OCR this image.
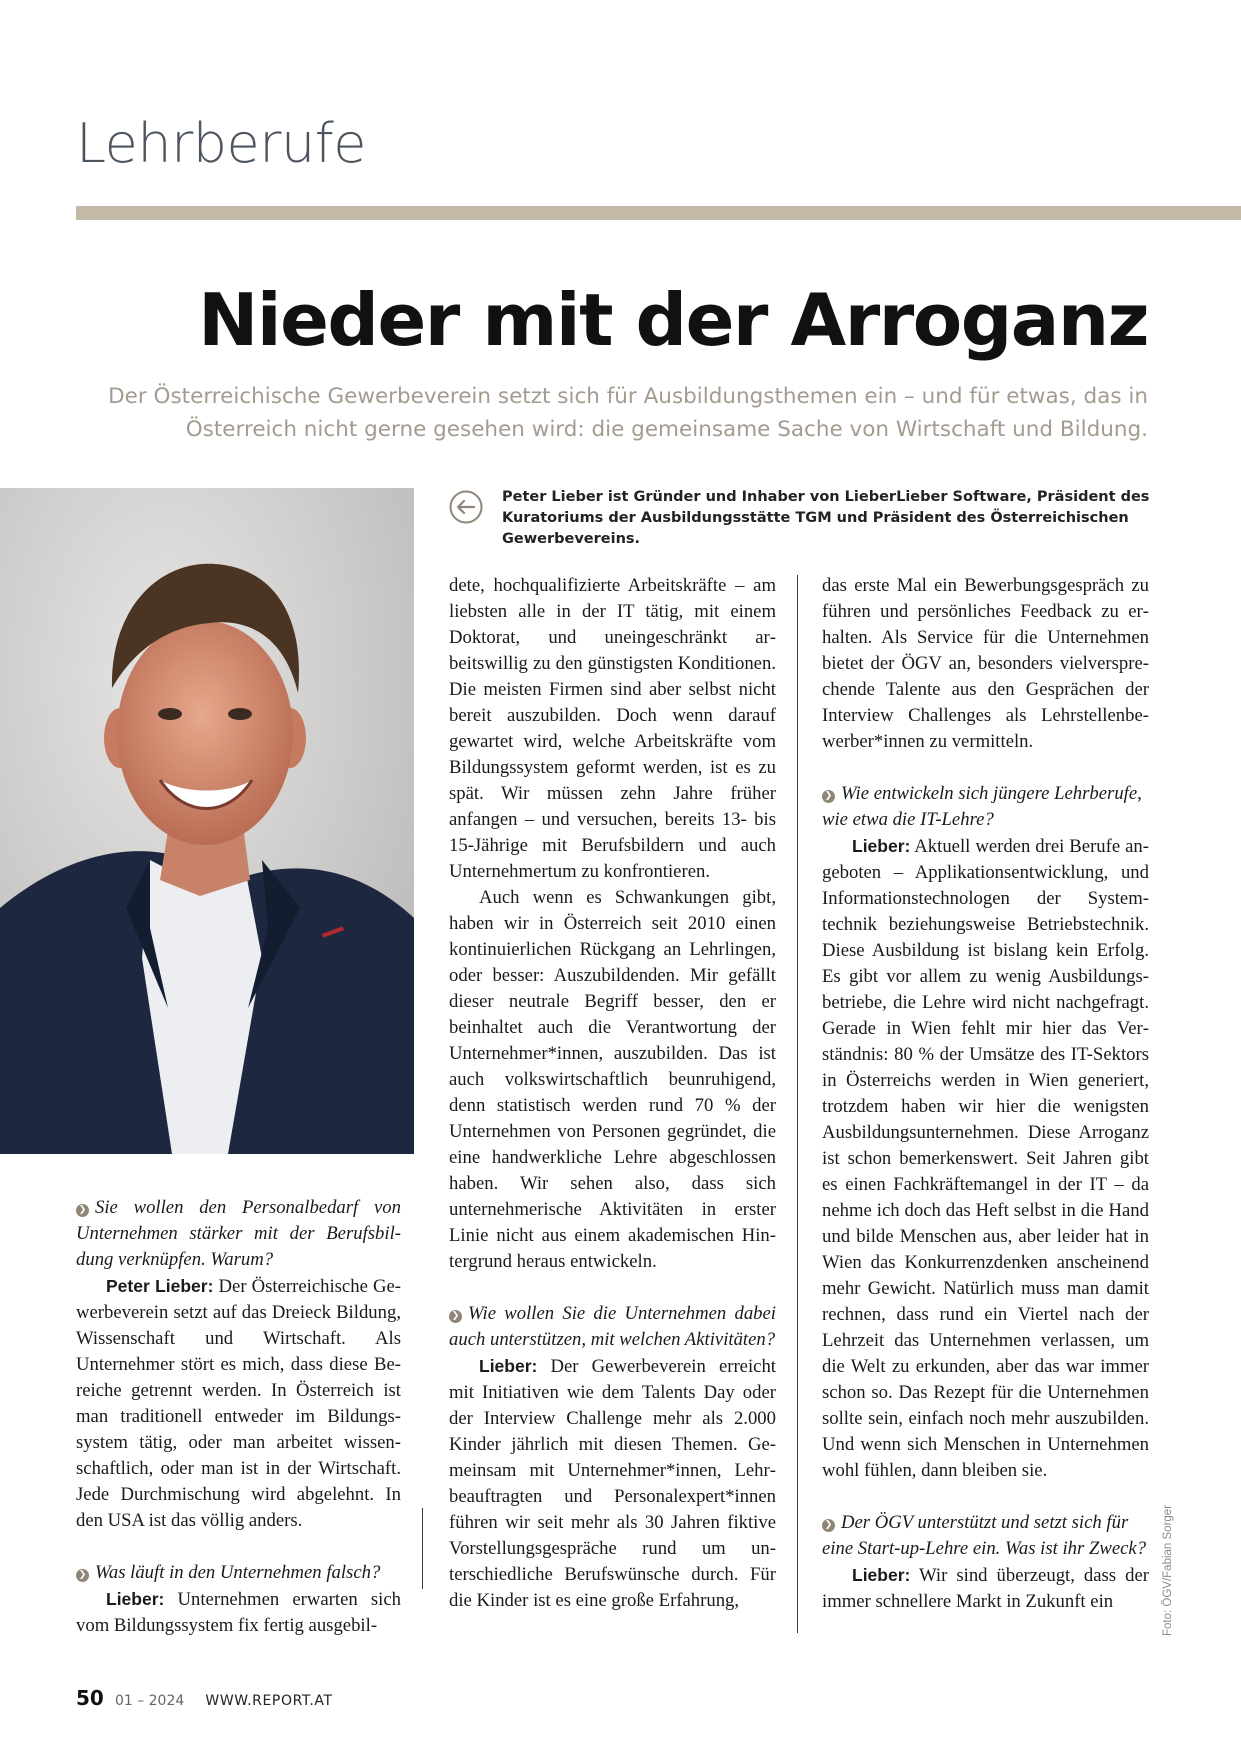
Lehrberufe
Nieder mit der Arroganz

Der Österreichische Gewerbeverein setzt sich für Ausbildungsthemen ein – und für etwas, das in Österreich nicht gerne gesehen wird: die gemeinsame Sache von Wirtschaft und Bildung.

Peter Lieber ist Gründer und Inhaber von LieberLieber Software, Präsident des Kuratoriums der Ausbildungsstätte TGM und Präsident des Österreichischen Gewerbevereins.

❯ Sie wollen den Personalbedarf von Unternehmen stärker mit der Berufsbildung verknüpfen. Warum?

Peter Lieber: Der Österreichische Gewerbeverein setzt auf das Dreieck Bildung, Wissenschaft und Wirtschaft. Als Unternehmer stört es mich, dass diese Bereiche getrennt werden. In Österreich ist man traditionell entweder im Bildungssystem tätig, oder man arbeitet wissenschaftlich, oder man ist in der Wirtschaft. Jede Durchmischung wird abgelehnt. In den USA ist das völlig anders.

❯ Was läuft in den Unternehmen falsch?

Lieber: Unternehmen erwarten sich vom Bildungssystem fix fertig ausgebil-

dete, hochqualifizierte Arbeitskräfte – am liebsten alle in der IT tätig, mit einem Doktorat, und uneingeschränkt arbeitswillig zu den günstigsten Konditionen. Die meisten Firmen sind aber selbst nicht bereit auszubilden. Doch wenn darauf gewartet wird, welche Arbeitskräfte vom Bildungssystem geformt werden, ist es zu spät. Wir müssen zehn Jahre früher anfangen – und versuchen, bereits 13- bis 15-Jährige mit Berufsbildern und auch Unternehmertum zu konfrontieren.

Auch wenn es Schwankungen gibt, haben wir in Österreich seit 2010 einen kontinuierlichen Rückgang an Lehrlingen, oder besser: Auszubildenden. Mir gefällt dieser neutrale Begriff besser, den er beinhaltet auch die Verantwortung der Unternehmer*innen, auszubilden. Das ist auch volkswirtschaftlich beunruhigend, denn statistisch werden rund 70 % der Unternehmen von Personen gegründet, die eine handwerkliche Lehre abgeschlossen haben. Wir sehen also, dass sich unternehmerische Aktivitäten in erster Linie nicht aus einem akademischen Hintergrund heraus entwickeln.

❯ Wie wollen Sie die Unternehmen dabei auch unterstützen, mit welchen Aktivitäten?

Lieber: Der Gewerbeverein erreicht mit Initiativen wie dem Talents Day oder der Interview Challenge mehr als 2.000 Kinder jährlich mit diesen Themen. Gemeinsam mit Unternehmer*innen, Lehrbeauftragten und Personalexpert*innen führen wir seit mehr als 30 Jahren fiktive Vorstellungsgespräche rund um unterschiedliche Berufswünsche durch. Für die Kinder ist es eine große Erfahrung,

das erste Mal ein Bewerbungsgespräch zu führen und persönliches Feedback zu erhalten. Als Service für die Unternehmen bietet der ÖGV an, besonders vielversprechende Talente aus den Gesprächen der Interview Challenges als Lehrstellenbewerber*innen zu vermitteln.

❯ Wie entwickeln sich jüngere Lehrberufe, wie etwa die IT-Lehre?

Lieber: Aktuell werden drei Berufe angeboten – Applikationsentwicklung, und Informationstechnologen der Systemtechnik beziehungsweise Betriebstechnik. Diese Ausbildung ist bislang kein Erfolg. Es gibt vor allem zu wenig Ausbildungsbetriebe, die Lehre wird nicht nachgefragt. Gerade in Wien fehlt mir hier das Verständnis: 80 % der Umsätze des IT-Sektors in Österreichs werden in Wien generiert, trotzdem haben wir hier die wenigsten Ausbildungsunternehmen. Diese Arroganz ist schon bemerkenswert. Seit Jahren gibt es einen Fachkräftemangel in der IT – da nehme ich doch das Heft selbst in die Hand und bilde Menschen aus, aber leider hat in Wien das Konkurrenzdenken anscheinend mehr Gewicht. Natürlich muss man damit rechnen, dass rund ein Viertel nach der Lehrzeit das Unternehmen verlassen, um die Welt zu erkunden, aber das war immer schon so. Das Rezept für die Unternehmen sollte sein, einfach noch mehr auszubilden. Und wenn sich Menschen in Unternehmen wohl fühlen, dann bleiben sie.

❯ Der ÖGV unterstützt und setzt sich für eine Start-up-Lehre ein. Was ist ihr Zweck?

Lieber: Wir sind überzeugt, dass der immer schnellere Markt in Zukunft ein	Foto: ÖGV/Fabian Sorger
50 01 – 2024 WWW.REPORT.AT
